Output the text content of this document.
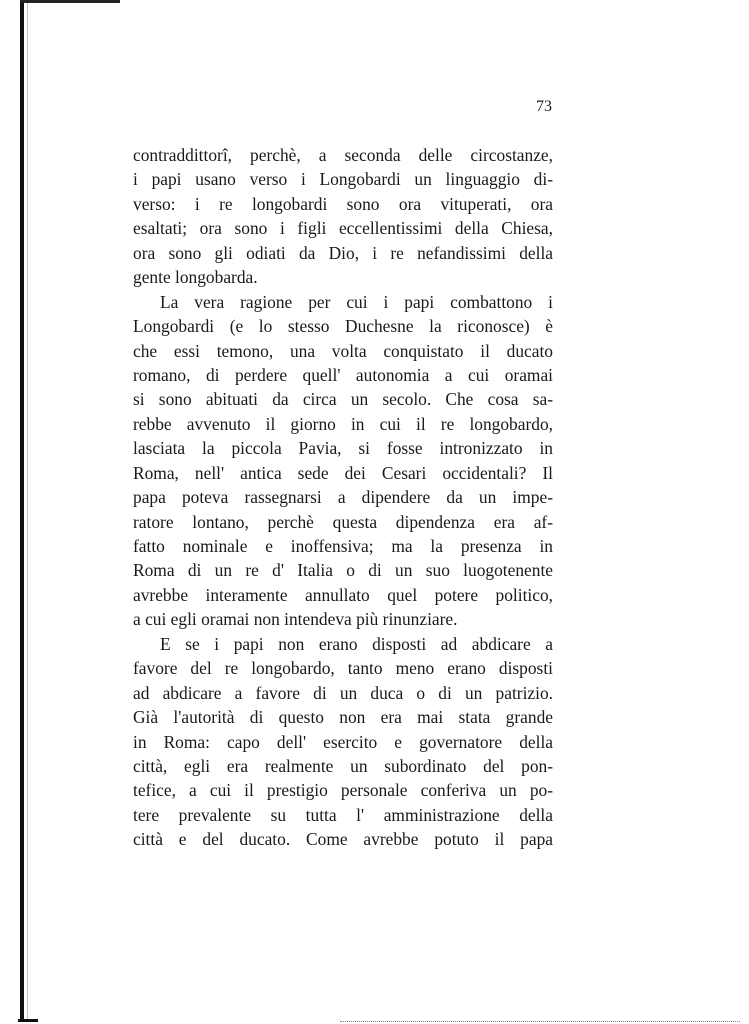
73
contraddittorî, perchè, a seconda delle circostanze,
i papi usano verso i Longobardi un linguaggio di-
verso: i re longobardi sono ora vituperati, ora
esaltati; ora sono i figli eccellentissimi della Chiesa,
ora sono gli odiati da Dio, i re nefandissimi della
gente longobarda.
La vera ragione per cui i papi combattono i
Longobardi (e lo stesso Duchesne la riconosce) è
che essi temono, una volta conquistato il ducato
romano, di perdere quell' autonomia a cui oramai
si sono abituati da circa un secolo. Che cosa sa-
rebbe avvenuto il giorno in cui il re longobardo,
lasciata la piccola Pavia, si fosse intronizzato in
Roma, nell' antica sede dei Cesari occidentali? Il
papa poteva rassegnarsi a dipendere da un impe-
ratore lontano, perchè questa dipendenza era af-
fatto nominale e inoffensiva; ma la presenza in
Roma di un re d' Italia o di un suo luogotenente
avrebbe interamente annullato quel potere politico,
a cui egli oramai non intendeva più rinunziare.
E se i papi non erano disposti ad abdicare a
favore del re longobardo, tanto meno erano disposti
ad abdicare a favore di un duca o di un patrizio.
Già l'autorità di questo non era mai stata grande
in Roma: capo dell' esercito e governatore della
città, egli era realmente un subordinato del pon-
tefice, a cui il prestigio personale conferiva un po-
tere prevalente su tutta l' amministrazione della
città e del ducato. Come avrebbe potuto il papa
